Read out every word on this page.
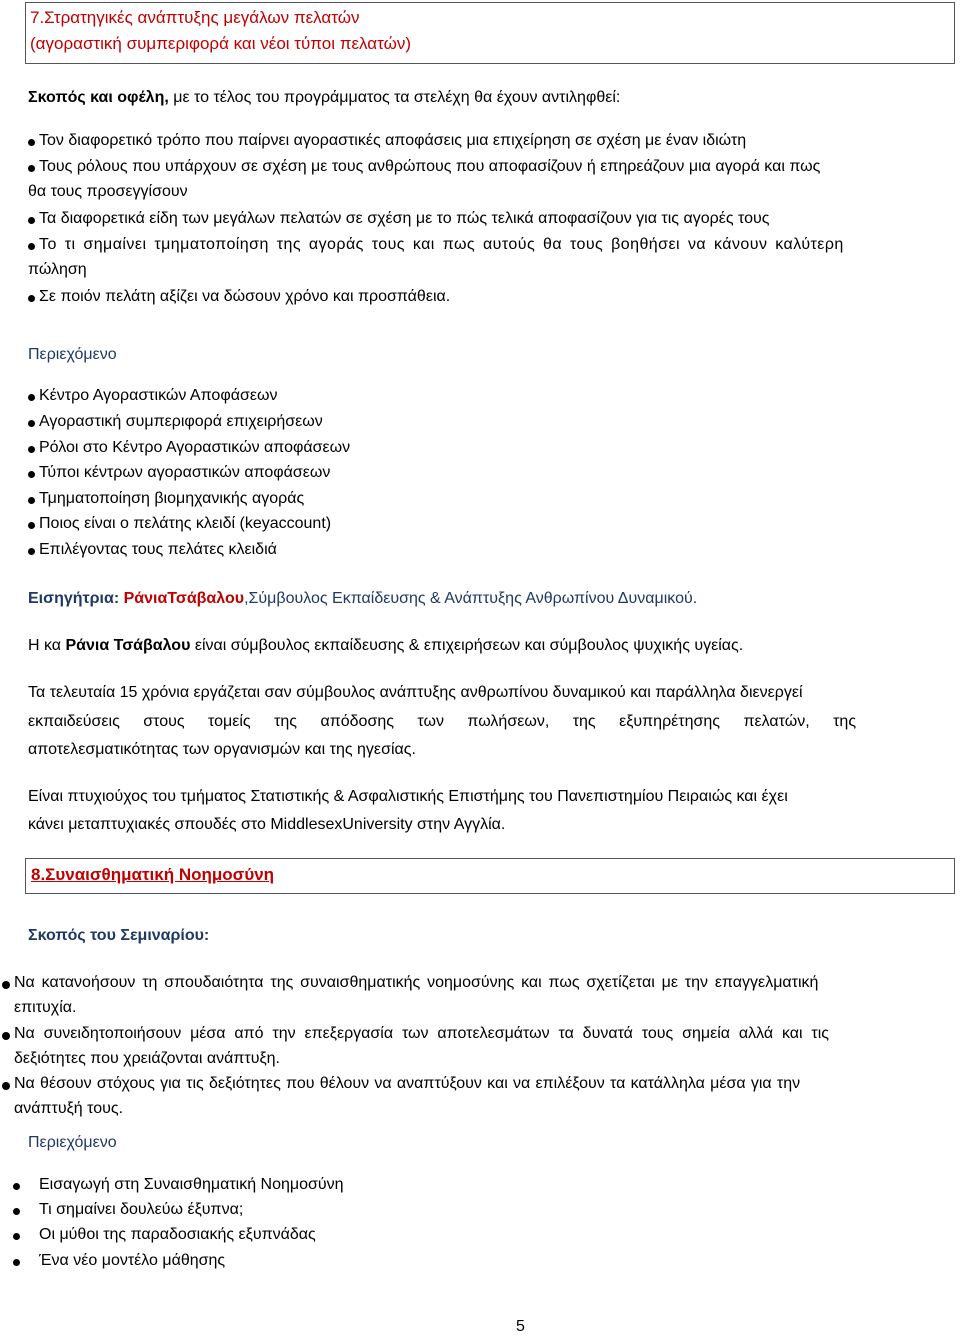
7.Στρατηγικές ανάπτυξης μεγάλων πελατών
(αγοραστική συμπεριφορά και νέοι τύποι πελατών)
Σκοπός και οφέλη, με το τέλος του προγράμματος τα στελέχη θα έχουν αντιληφθεί:
Τον διαφορετικό τρόπο που παίρνει αγοραστικές αποφάσεις μια επιχείρηση σε σχέση με έναν ιδιώτη
Τους ρόλους που υπάρχουν σε σχέση με τους ανθρώπους που αποφασίζουν ή επηρεάζουν μια αγορά και πως
θα τους προσεγγίσουν
Τα διαφορετικά είδη των μεγάλων πελατών σε σχέση με το πώς τελικά αποφασίζουν για τις αγορές τους
Το τι σημαίνει τμηματοποίηση της αγοράς τους και πως αυτούς θα τους βοηθήσει να κάνουν καλύτερη
πώληση
Σε ποιόν πελάτη αξίζει να δώσουν χρόνο και προσπάθεια.
Περιεχόμενο
Κέντρο Αγοραστικών Αποφάσεων
Αγοραστική συμπεριφορά επιχειρήσεων
Ρόλοι στο Κέντρο Αγοραστικών αποφάσεων
Τύποι κέντρων αγοραστικών αποφάσεων
Τμηματοποίηση βιομηχανικής αγοράς
Ποιος είναι ο πελάτης κλειδί (keyaccount)
Επιλέγοντας τους πελάτες κλειδιά
Εισηγήτρια: ΡάνιαΤσάβαλου,Σύμβουλος Εκπαίδευσης & Ανάπτυξης Ανθρωπίνου Δυναμικού.
Η κα Ράνια Τσάβαλου είναι σύμβουλος εκπαίδευσης & επιχειρήσεων και σύμβουλος ψυχικής υγείας.
Τα τελευταία 15 χρόνια εργάζεται σαν σύμβουλος ανάπτυξης ανθρωπίνου δυναμικού και παράλληλα διενεργεί
εκπαιδεύσεις στους τομείς της απόδοσης των πωλήσεων, της εξυπηρέτησης πελατών, της
αποτελεσματικότητας των οργανισμών και της ηγεσίας.
Είναι πτυχιούχος του τμήματος Στατιστικής & Ασφαλιστικής Επιστήμης του Πανεπιστημίου Πειραιώς και έχει
κάνει μεταπτυχιακές σπουδές στο MiddlesexUniversity στην Αγγλία.
8.Συναισθηματική Νοημοσύνη
Σκοπός του Σεμιναρίου:
Να κατανοήσουν τη σπουδαιότητα της συναισθηματικής νοημοσύνης και πως σχετίζεται με την επαγγελματική
επιτυχία.
Να συνειδητοποιήσουν μέσα από την επεξεργασία των αποτελεσμάτων τα δυνατά τους σημεία αλλά και τις
δεξιότητες που χρειάζονται ανάπτυξη.
Να θέσουν στόχους για τις δεξιότητες που θέλουν να αναπτύξουν και να επιλέξουν τα κατάλληλα μέσα για την
ανάπτυξή τους.
Περιεχόμενο
Εισαγωγή στη Συναισθηματική Νοημοσύνη
Τι σημαίνει δουλεύω έξυπνα;
Οι μύθοι της παραδοσιακής εξυπνάδας
Ένα νέο μοντέλο μάθησης
5
